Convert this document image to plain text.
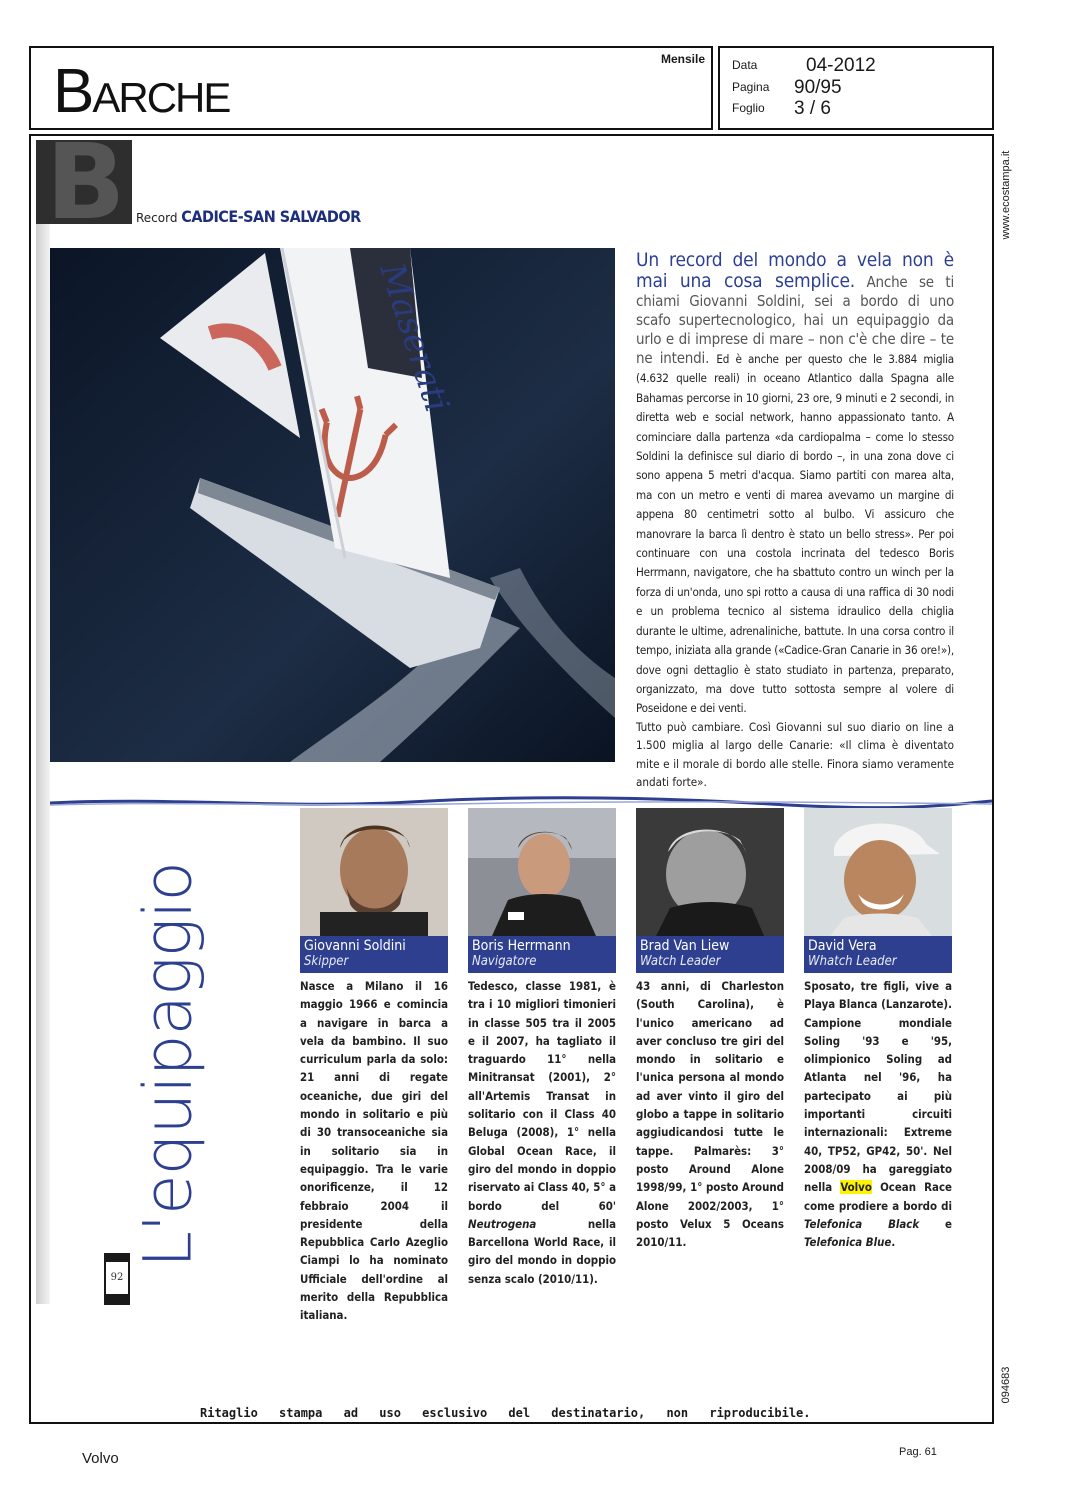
BARCHE
Mensile Data	04-2012
Pagina	90/95
Foglio	3 / 6
www.ecostampa.it
094683
B Record CADICE-SAN SALVADOR
Maserati	Un record del mondo a vela non è mai una cosa semplice. Anche se ti chiami Giovanni Soldini, sei a bordo di uno scafo supertecnologico, hai un equipaggio da urlo e di imprese di mare – non c'è che dire – te ne intendi. Ed è anche per questo che le 3.884 miglia (4.632 quelle reali) in oceano Atlantico dalla Spagna alle Bahamas percorse in 10 giorni, 23 ore, 9 minuti e 2 secondi, in diretta web e social network, hanno appassionato tanto. A cominciare dalla partenza «da cardiopalma – come lo stesso Soldini la definisce sul diario di bordo –, in una zona dove ci sono appena 5 metri d'acqua. Siamo partiti con marea alta, ma con un metro e venti di marea avevamo un margine di appena 80 centimetri sotto al bulbo. Vi assicuro che manovrare la barca lì dentro è stato un bello stress». Per poi continuare con una costola incrinata del tedesco Boris Herrmann, navigatore, che ha sbattuto contro un winch per la forza di un'onda, uno spi rotto a causa di una raffica di 30 nodi e un problema tecnico al sistema idraulico della chiglia durante le ultime, adrenaliniche, battute. In una corsa contro il tempo, iniziata alla grande («Cadice-Gran Canarie in 36 ore!»), dove ogni dettaglio è stato studiato in partenza, preparato, organizzato, ma dove tutto sottosta sempre al volere di Poseidone e dei venti.

Tutto può cambiare. Così Giovanni sul suo diario on line a 1.500 miglia al largo delle Canarie: «Il clima è diventato mite e il morale di bordo alle stelle. Finora siamo veramente andati forte».

L'equipaggio
92
Giovanni Soldini
Skipper

Nasce a Milano il 16 maggio 1966 e comincia a navigare in barca a vela da bambino. Il suo curriculum parla da solo: 21 anni di regate oceaniche, due giri del mondo in solitario e più di 30 transoceaniche sia in solitario sia in equipaggio. Tra le varie onorificenze, il 12 febbraio 2004 il presidente della Repubblica Carlo Azeglio Ciampi lo ha nominato Ufficiale dell'ordine al merito della Repubblica italiana.

Boris Herrmann
Navigatore

Tedesco, classe 1981, è tra i 10 migliori timonieri in classe 505 tra il 2005 e il 2007, ha tagliato il traguardo 11° nella Minitransat (2001), 2° all'Artemis Transat in solitario con il Class 40 Beluga (2008), 1° nella Global Ocean Race, il giro del mondo in doppio riservato ai Class 40, 5° a bordo del 60' Neutrogena	nella Barcellona World Race, il giro del mondo in doppio senza scalo (2010/11).

Brad Van Liew
Watch Leader

43 anni, di Charleston (South Carolina), è l'unico americano ad aver concluso tre giri del mondo in solitario e l'unica persona al mondo ad aver vinto il giro del globo a tappe in solitario aggiudicandosi tutte le tappe. Palmarès: 3° posto Around Alone 1998/99, 1° posto Around Alone 2002/2003, 1° posto Velux 5 Oceans 2010/11.

David Vera
Whatch Leader

Sposato, tre figli, vive a Playa Blanca (Lanzarote). Campione mondiale Soling '93 e '95, olimpionico Soling ad Atlanta nel '96, ha partecipato ai più importanti circuiti internazionali: Extreme 40, TP52, GP42, 50'. Nel 2008/09 ha gareggiato nella Volvo Ocean Race come prodiere a bordo di Telefonica Black e Telefonica Blue.

Ritaglio stampa ad uso esclusivo del destinatario, non riproducibile.
Volvo	Pag. 61
